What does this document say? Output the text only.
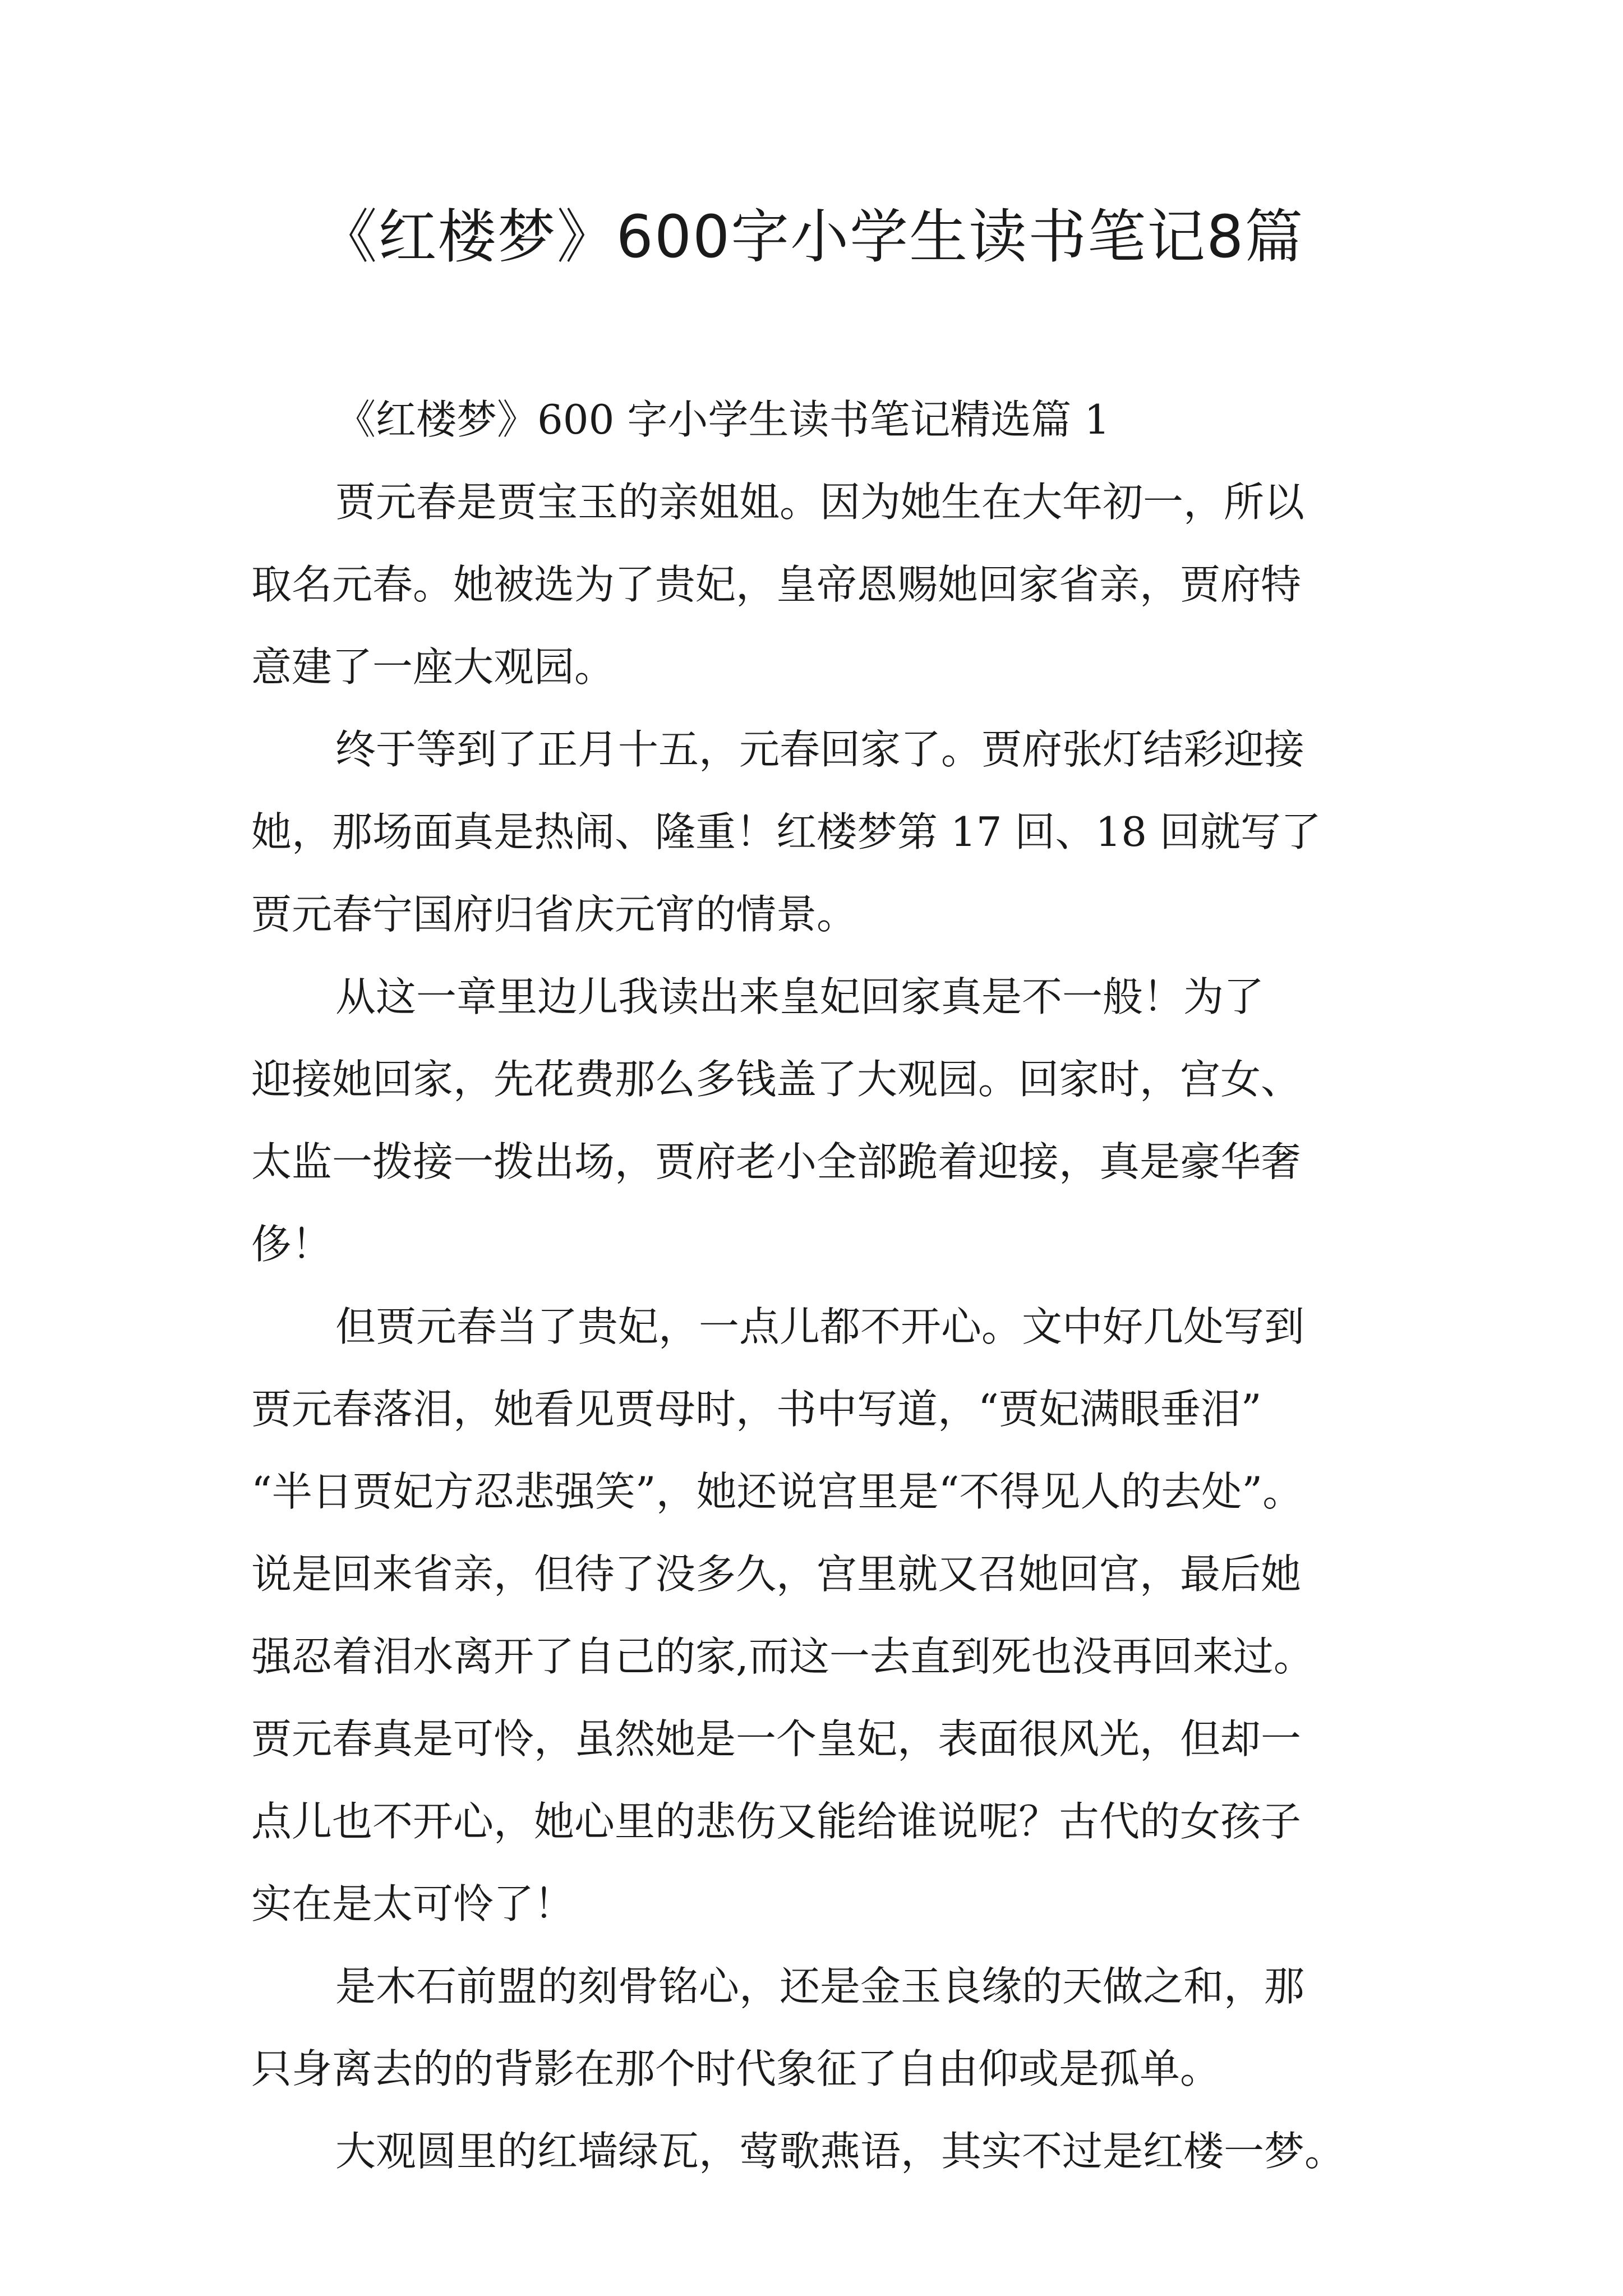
《红楼梦》600字小学生读书笔记8篇
《红楼梦》600 字小学生读书笔记精选篇 1
贾元春是贾宝玉的亲姐姐。因为她生在大年初一，所以
取名元春。她被选为了贵妃，皇帝恩赐她回家省亲，贾府特
意建了一座大观园。
终于等到了正月十五，元春回家了。贾府张灯结彩迎接
她，那场面真是热闹、隆重！红楼梦第 17 回、18 回就写了
贾元春宁国府归省庆元宵的情景。
从这一章里边儿我读出来皇妃回家真是不一般！为了
迎接她回家，先花费那么多钱盖了大观园。回家时，宫女、
太监一拨接一拨出场，贾府老小全部跪着迎接，真是豪华奢
侈！
但贾元春当了贵妃，一点儿都不开心。文中好几处写到
贾元春落泪，她看见贾母时，书中写道，“贾妃满眼垂泪”
“半日贾妃方忍悲强笑”，她还说宫里是“不得见人的去处”。
说是回来省亲，但待了没多久，宫里就又召她回宫，最后她
强忍着泪水离开了自己的家,而这一去直到死也没再回来过。
贾元春真是可怜，虽然她是一个皇妃，表面很风光，但却一
点儿也不开心，她心里的悲伤又能给谁说呢？古代的女孩子
实在是太可怜了！
是木石前盟的刻骨铭心，还是金玉良缘的天做之和，那
只身离去的的背影在那个时代象征了自由仰或是孤单。
大观圆里的红墙绿瓦，莺歌燕语，其实不过是红楼一梦。
